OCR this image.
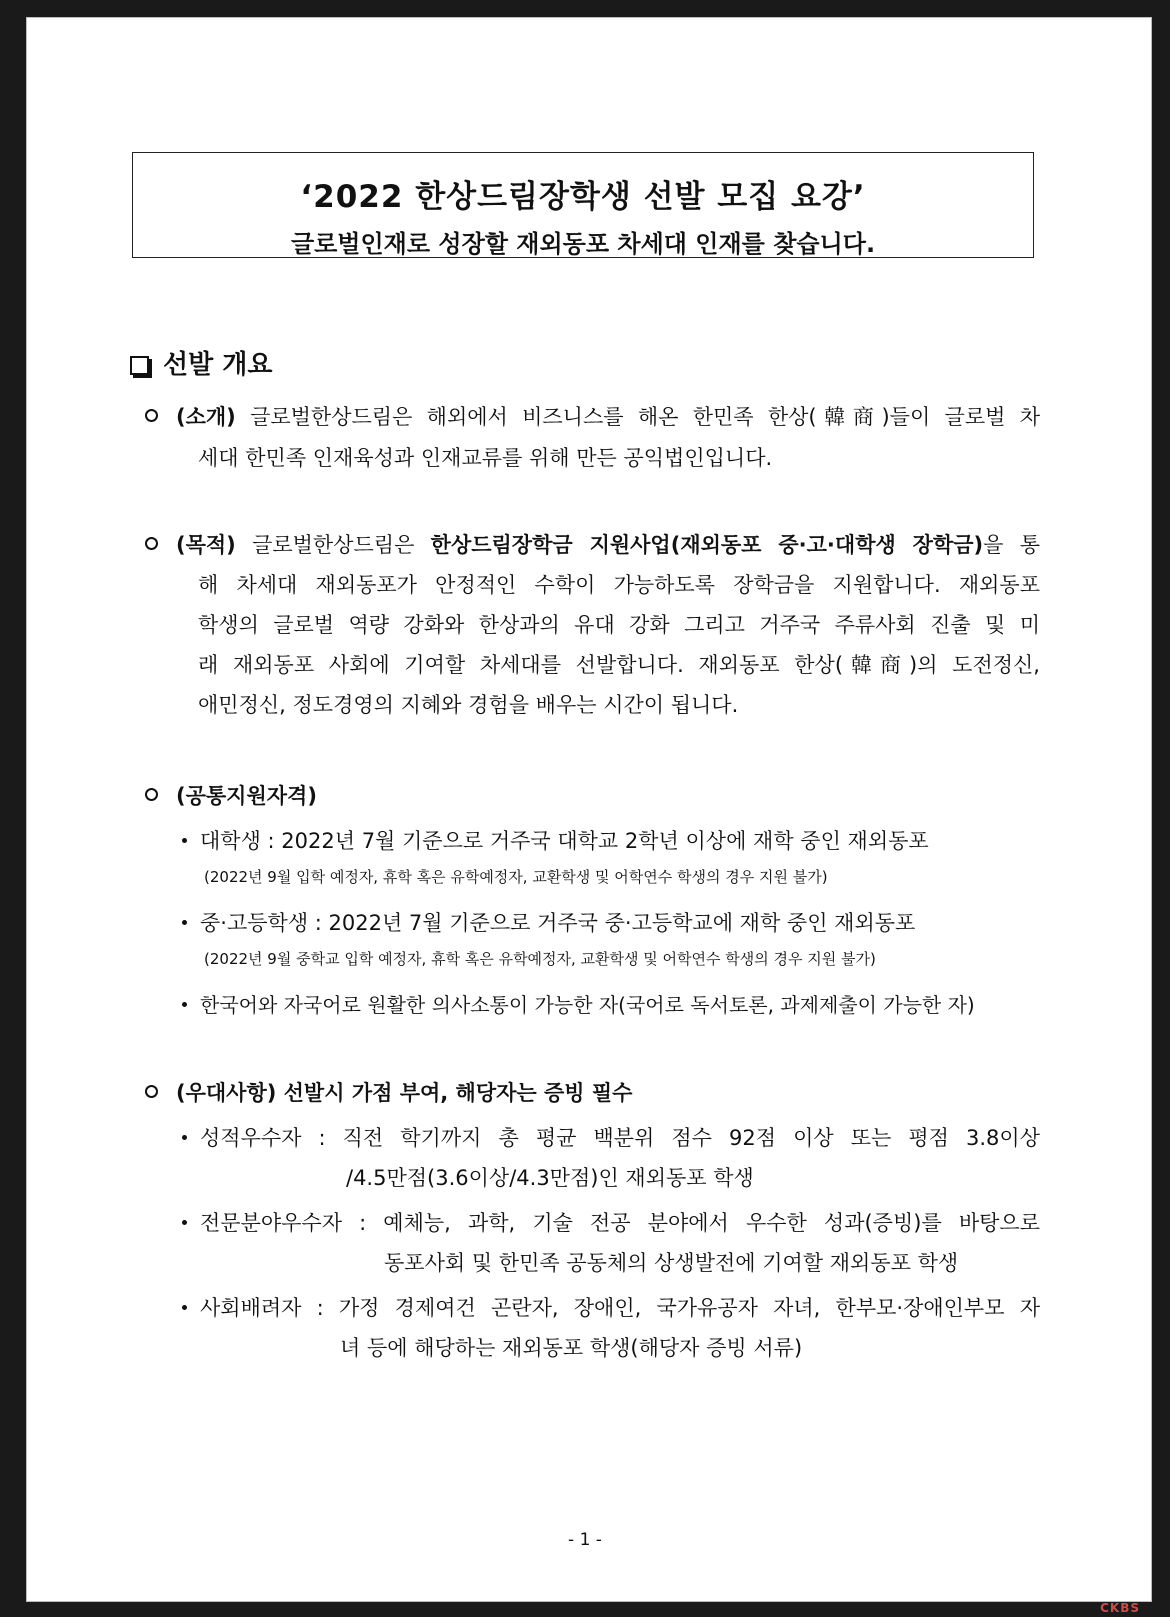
‘2022 한상드림장학생 선발 모집 요강’
글로벌인재로 성장할 재외동포 차세대 인재를 찾습니다.
선발 개요
(소개) 글로벌한상드림은 해외에서 비즈니스를 해온 한민족 한상(韓商)들이 글로벌 차
세대 한민족 인재육성과 인재교류를 위해 만든 공익법인입니다.
(목적) 글로벌한상드림은 한상드림장학금 지원사업(재외동포 중·고·대학생 장학금)을 통
해 차세대 재외동포가 안정적인 수학이 가능하도록 장학금을 지원합니다. 재외동포
학생의 글로벌 역량 강화와 한상과의 유대 강화 그리고 거주국 주류사회 진출 및 미
래 재외동포 사회에 기여할 차세대를 선발합니다. 재외동포 한상(韓商)의 도전정신,
애민정신, 정도경영의 지혜와 경험을 배우는 시간이 됩니다.
(공통지원자격)
대학생 : 2022년 7월 기준으로 거주국 대학교 2학년 이상에 재학 중인 재외동포
(2022년 9월 입학 예정자, 휴학 혹은 유학예정자, 교환학생 및 어학연수 학생의 경우 지원 불가)
중·고등학생 : 2022년 7월 기준으로 거주국 중·고등학교에 재학 중인 재외동포
(2022년 9월 중학교 입학 예정자, 휴학 혹은 유학예정자, 교환학생 및 어학연수 학생의 경우 지원 불가)
한국어와 자국어로 원활한 의사소통이 가능한 자(국어로 독서토론, 과제제출이 가능한 자)
(우대사항) 선발시 가점 부여, 해당자는 증빙 필수
성적우수자 : 직전 학기까지 총 평균 백분위 점수 92점 이상 또는 평점 3.8이상
/4.5만점(3.6이상/4.3만점)인 재외동포 학생
전문분야우수자 : 예체능, 과학, 기술 전공 분야에서 우수한 성과(증빙)를 바탕으로
동포사회 및 한민족 공동체의 상생발전에 기여할 재외동포 학생
사회배려자 : 가정 경제여건 곤란자, 장애인, 국가유공자 자녀, 한부모·장애인부모 자
녀 등에 해당하는 재외동포 학생(해당자 증빙 서류)
- 1 -
CKBS
